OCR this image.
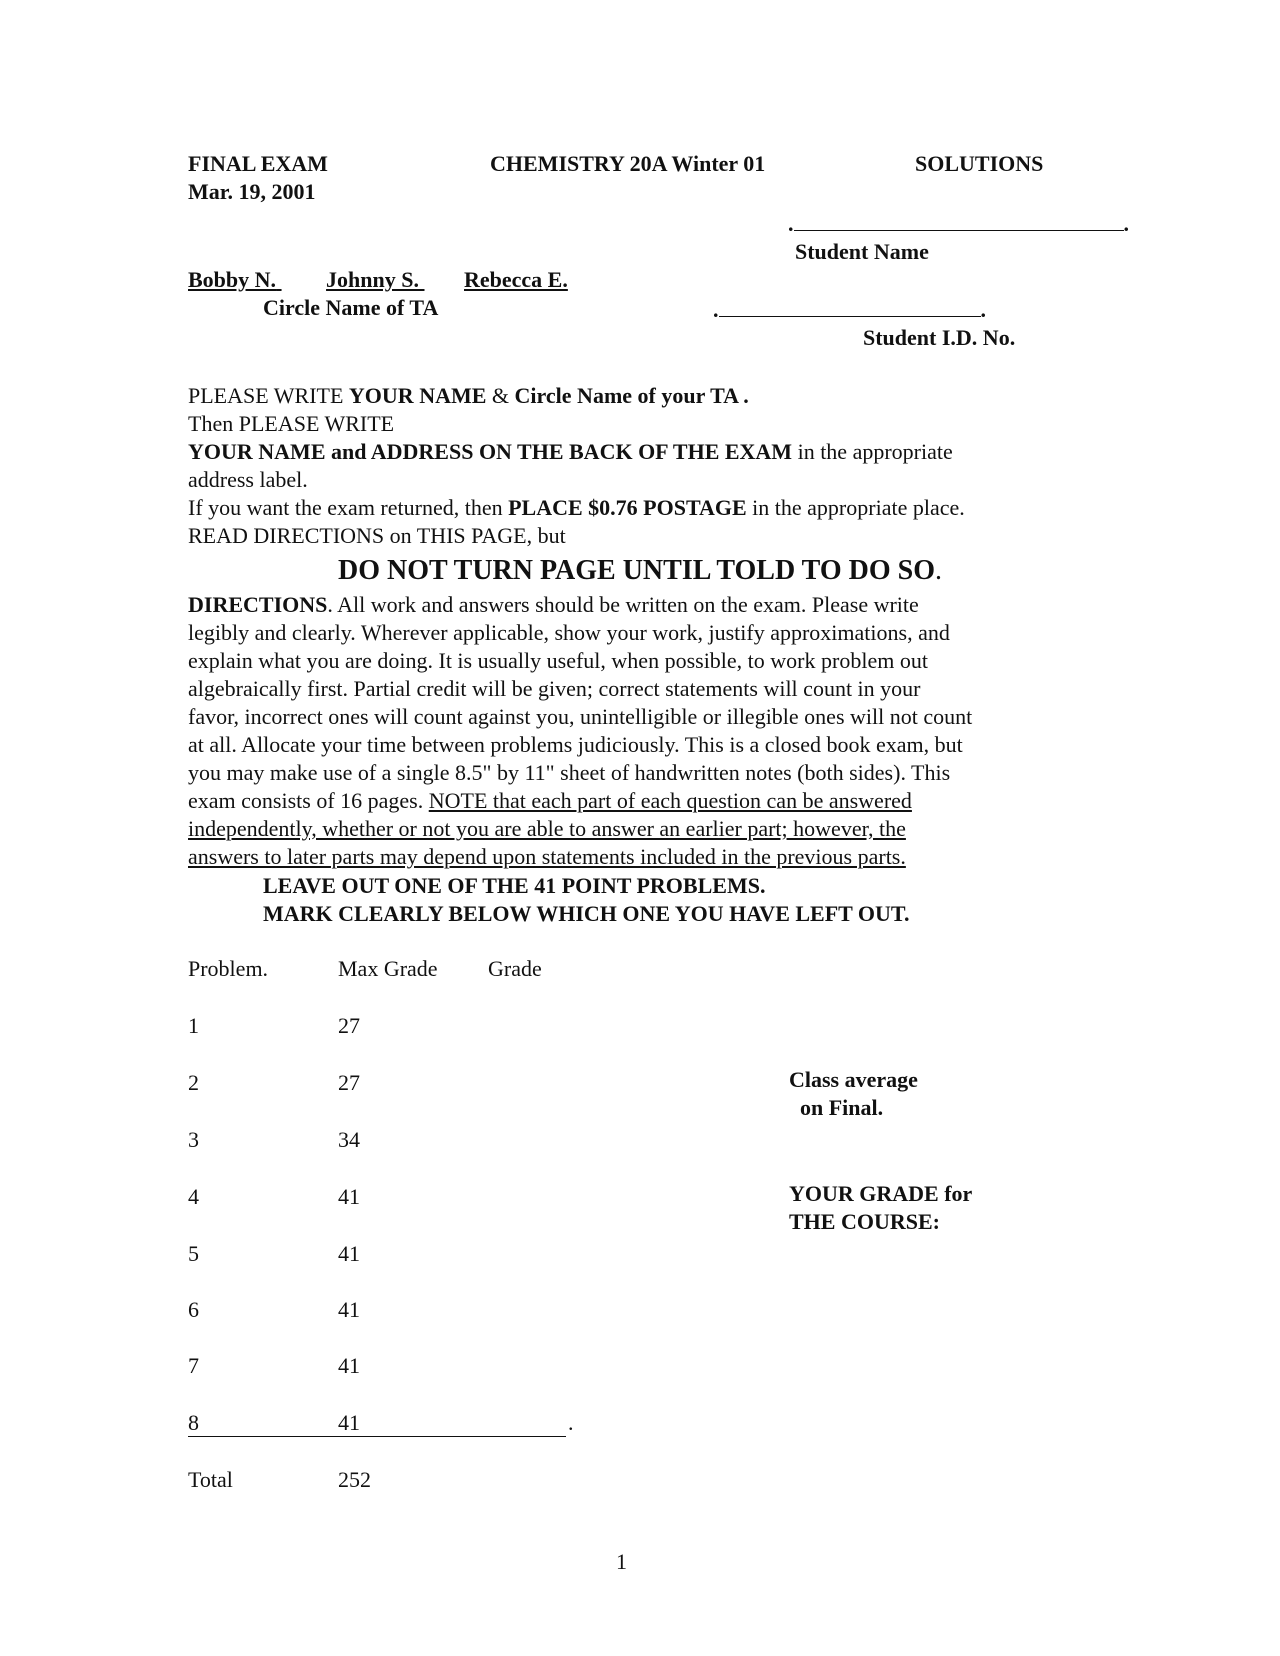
FINAL EXAM	CHEMISTRY 20A Winter 01	SOLUTIONS
Mar. 19, 2001
.	.
Student Name
Bobby N. Johnny S. Rebecca E.
Circle Name of TA	.	.
Student I.D. No.

PLEASE WRITE YOUR NAME & Circle Name of your TA .

Then PLEASE WRITE

YOUR NAME and ADDRESS ON THE BACK OF THE EXAM in the appropriate

address label.

If you want the exam returned, then PLACE $0.76 POSTAGE in the appropriate place.

READ DIRECTIONS on THIS PAGE, but

DO NOT TURN PAGE UNTIL TOLD TO DO SO.

DIRECTIONS. All work and answers should be written on the exam. Please write

legibly and clearly. Wherever applicable, show your work, justify approximations, and

explain what you are doing. It is usually useful, when possible, to work problem out

algebraically first. Partial credit will be given; correct statements will count in your

favor, incorrect ones will count against you, unintelligible or illegible ones will not count

at all. Allocate your time between problems judiciously. This is a closed book exam, but

you may make use of a single 8.5" by 11" sheet of handwritten notes (both sides). This

exam consists of 16 pages. NOTE that each part of each question can be answered

independently, whether or not you are able to answer an earlier part; however, the

answers to later parts may depend upon statements included in the previous parts.

LEAVE OUT ONE OF THE 41 POINT PROBLEMS.
MARK CLEARLY BELOW WHICH ONE YOU HAVE LEFT OUT.
Problem.	Max Grade Grade
1	27
2	27
3	34
4	41
5	41
6	41
7	41
8	41	.
Total	252
Class average
on Final.
YOUR GRADE for
THE COURSE:
1
